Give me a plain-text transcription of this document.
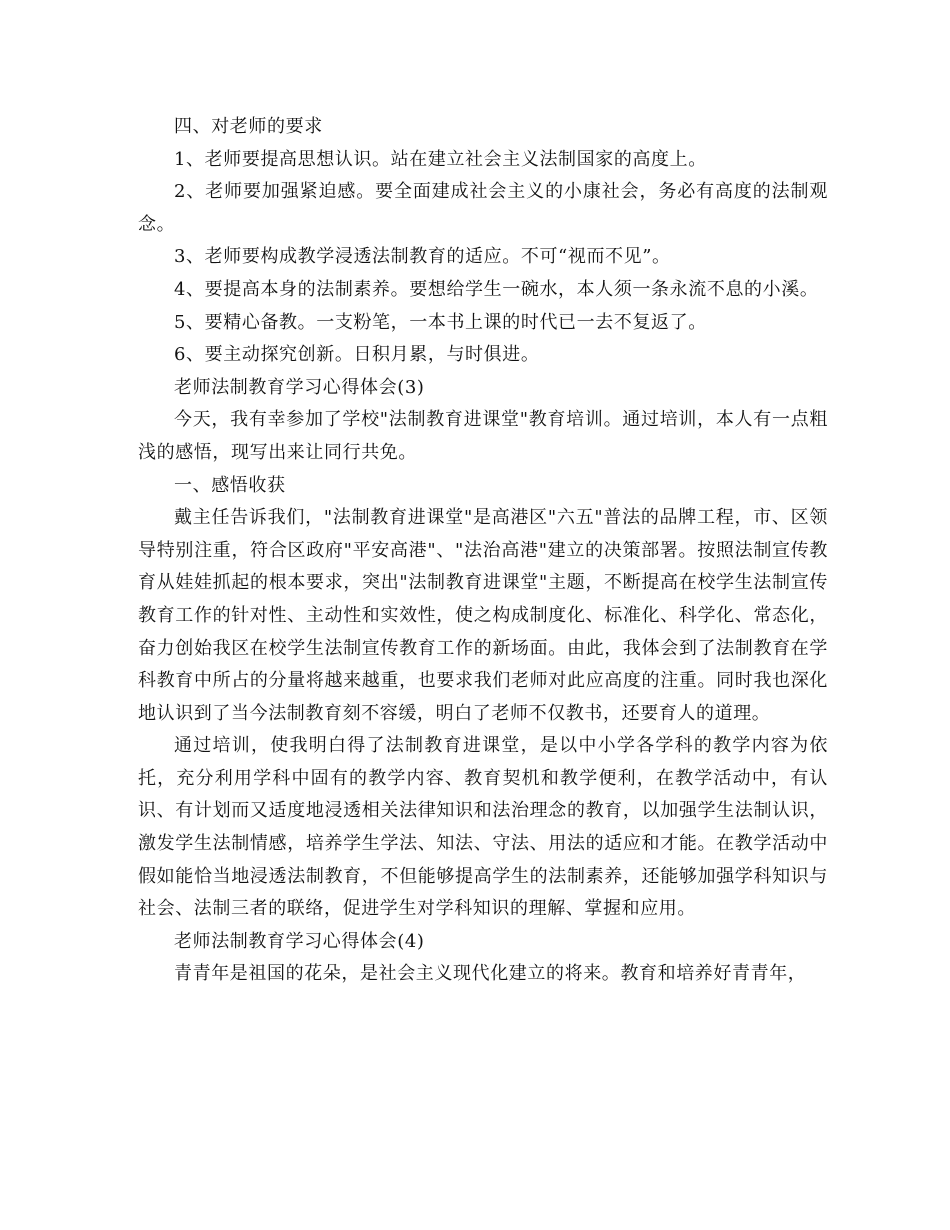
四、对老师的要求

1、老师要提高思想认识。站在建立社会主义法制国家的高度上。

2、老师要加强紧迫感。要全面建成社会主义的小康社会，务必有高度的法制观念。

3、老师要构成教学浸透法制教育的适应。不可“视而不见”。

4、要提高本身的法制素养。要想给学生一碗水，本人须一条永流不息的小溪。

5、要精心备教。一支粉笔，一本书上课的时代已一去不复返了。

6、要主动探究创新。日积月累，与时俱进。

老师法制教育学习心得体会(3)

今天，我有幸参加了学校"法制教育进课堂"教育培训。通过培训，本人有一点粗浅的感悟，现写出来让同行共免。

一、感悟收获

戴主任告诉我们，"法制教育进课堂"是高港区"六五"普法的品牌工程，市、区领导特别注重，符合区政府"平安高港"、"法治高港"建立的决策部署。按照法制宣传教育从娃娃抓起的根本要求，突出"法制教育进课堂"主题，不断提高在校学生法制宣传教育工作的针对性、主动性和实效性，使之构成制度化、标准化、科学化、常态化，奋力创始我区在校学生法制宣传教育工作的新场面。由此，我体会到了法制教育在学科教育中所占的分量将越来越重，也要求我们老师对此应高度的注重。同时我也深化地认识到了当今法制教育刻不容缓，明白了老师不仅教书，还要育人的道理。

通过培训，使我明白得了法制教育进课堂，是以中小学各学科的教学内容为依托，充分利用学科中固有的教学内容、教育契机和教学便利，在教学活动中，有认识、有计划而又适度地浸透相关法律知识和法治理念的教育，以加强学生法制认识，激发学生法制情感，培养学生学法、知法、守法、用法的适应和才能。在教学活动中假如能恰当地浸透法制教育，不但能够提高学生的法制素养，还能够加强学科知识与社会、法制三者的联络，促进学生对学科知识的理解、掌握和应用。

老师法制教育学习心得体会(4)

青青年是祖国的花朵，是社会主义现代化建立的将来。教育和培养好青青年，
